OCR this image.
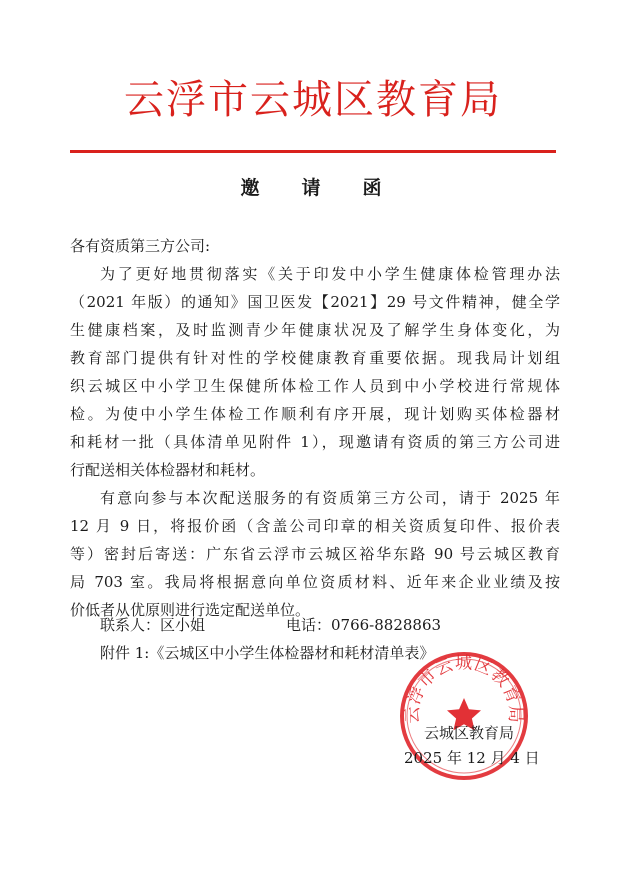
云浮市云城区教育局
邀请函
各有资质第三方公司:
为了更好地贯彻落实《关于印发中小学生健康体检管理办法
（2021 年版）的通知》国卫医发【2021】29 号文件精神，健全学
生健康档案，及时监测青少年健康状况及了解学生身体变化，为
教育部门提供有针对性的学校健康教育重要依据。现我局计划组
织云城区中小学卫生保健所体检工作人员到中小学校进行常规体
检。为使中小学生体检工作顺利有序开展，现计划购买体检器材
和耗材一批（具体清单见附件 1），现邀请有资质的第三方公司进
行配送相关体检器材和耗材。
有意向参与本次配送服务的有资质第三方公司，请于 2025 年
12 月 9 日，将报价函（含盖公司印章的相关资质复印件、报价表
等）密封后寄送：广东省云浮市云城区裕华东路 90 号云城区教育
局 703 室。我局将根据意向单位资质材料、近年来企业业绩及按
价低者从优原则进行选定配送单位。
联系人：区小姐	电话：0766-8828863
附件 1:《云城区中小学生体检器材和耗材清单表》
云浮市云城区教育局
云城区教育局
2025 年 12 月 4 日
